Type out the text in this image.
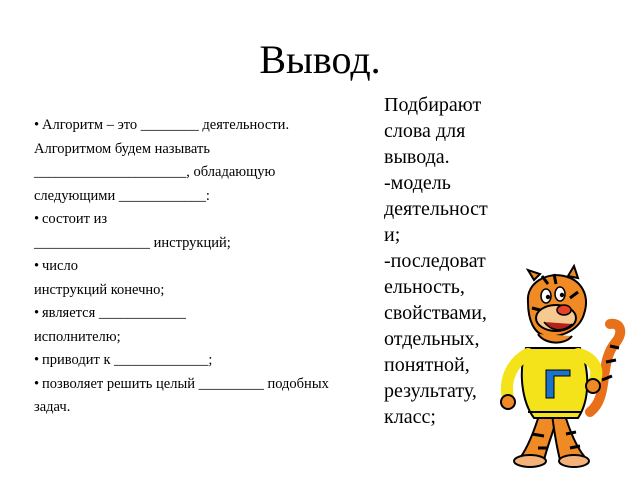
Вывод.
• Алгоритм – это ________ деятельности.
Алгоритмом будем называть
_____________________, обладающую
следующими ____________:
• состоит из
________________ инструкций;
• число
инструкций конечно;
• является ____________
исполнителю;
• приводит к _____________;
• позволяет решить целый _________ подобных
задач.
Подбирают
слова для
вывода.
-модель
деятельност
и;
-последоват
ельность,
свойствами,
отдельных,
понятной,
результату,
класс;
